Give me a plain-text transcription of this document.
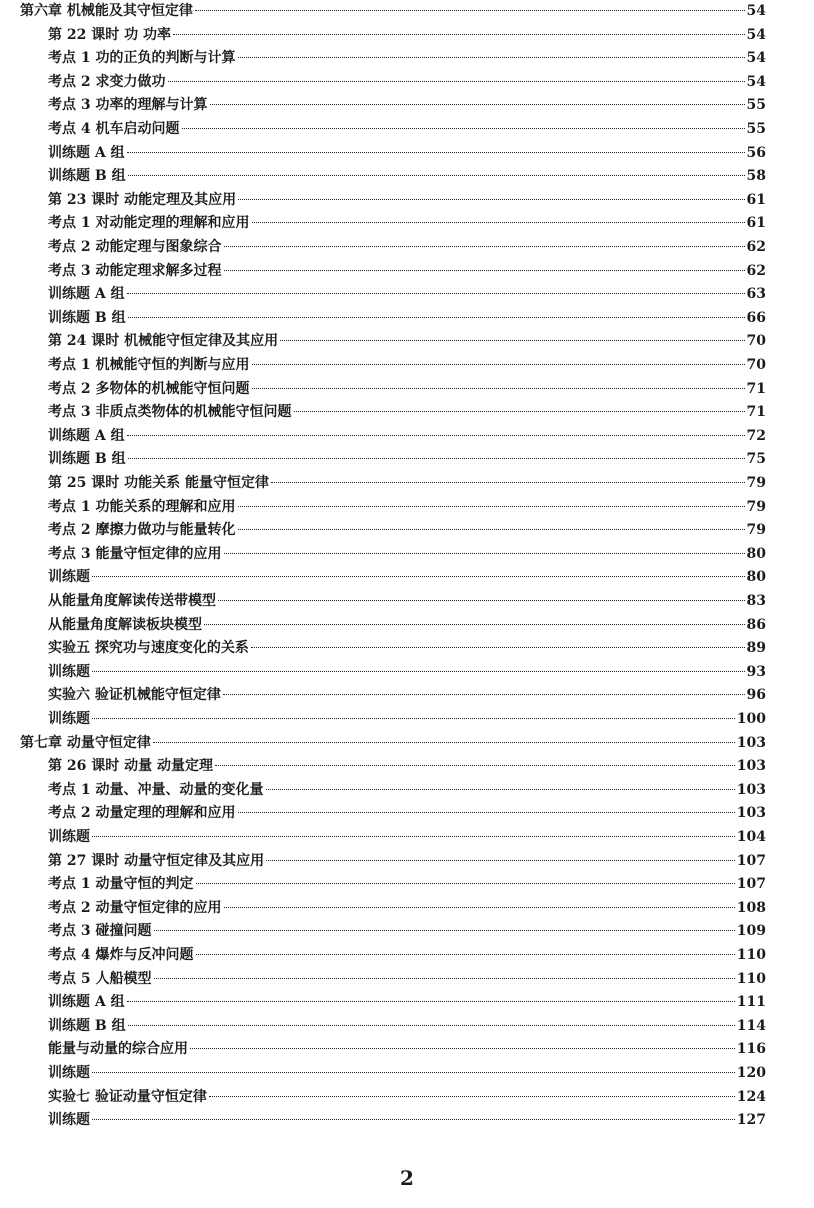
第六章 机械能及其守恒定律	54
第 22 课时 功 功率	54
考点 1 功的正负的判断与计算	54
考点 2 求变力做功	54
考点 3 功率的理解与计算	55
考点 4 机车启动问题	55
训练题 A 组	56
训练题 B 组	58
第 23 课时 动能定理及其应用	61
考点 1 对动能定理的理解和应用	61
考点 2 动能定理与图象综合	62
考点 3 动能定理求解多过程	62
训练题 A 组	63
训练题 B 组	66
第 24 课时 机械能守恒定律及其应用	70
考点 1 机械能守恒的判断与应用	70
考点 2 多物体的机械能守恒问题	71
考点 3 非质点类物体的机械能守恒问题	71
训练题 A 组	72
训练题 B 组	75
第 25 课时 功能关系 能量守恒定律	79
考点 1 功能关系的理解和应用	79
考点 2 摩擦力做功与能量转化	79
考点 3 能量守恒定律的应用	80
训练题	80
从能量角度解读传送带模型	83
从能量角度解读板块模型	86
实验五 探究功与速度变化的关系	89
训练题	93
实验六 验证机械能守恒定律	96
训练题	100
第七章 动量守恒定律	103
第 26 课时 动量 动量定理	103
考点 1 动量、冲量、动量的变化量	103
考点 2 动量定理的理解和应用	103
训练题	104
第 27 课时 动量守恒定律及其应用	107
考点 1 动量守恒的判定	107
考点 2 动量守恒定律的应用	108
考点 3 碰撞问题	109
考点 4 爆炸与反冲问题	110
考点 5 人船模型	110
训练题 A 组	111
训练题 B 组	114
能量与动量的综合应用	116
训练题	120
实验七 验证动量守恒定律	124
训练题	127
2
